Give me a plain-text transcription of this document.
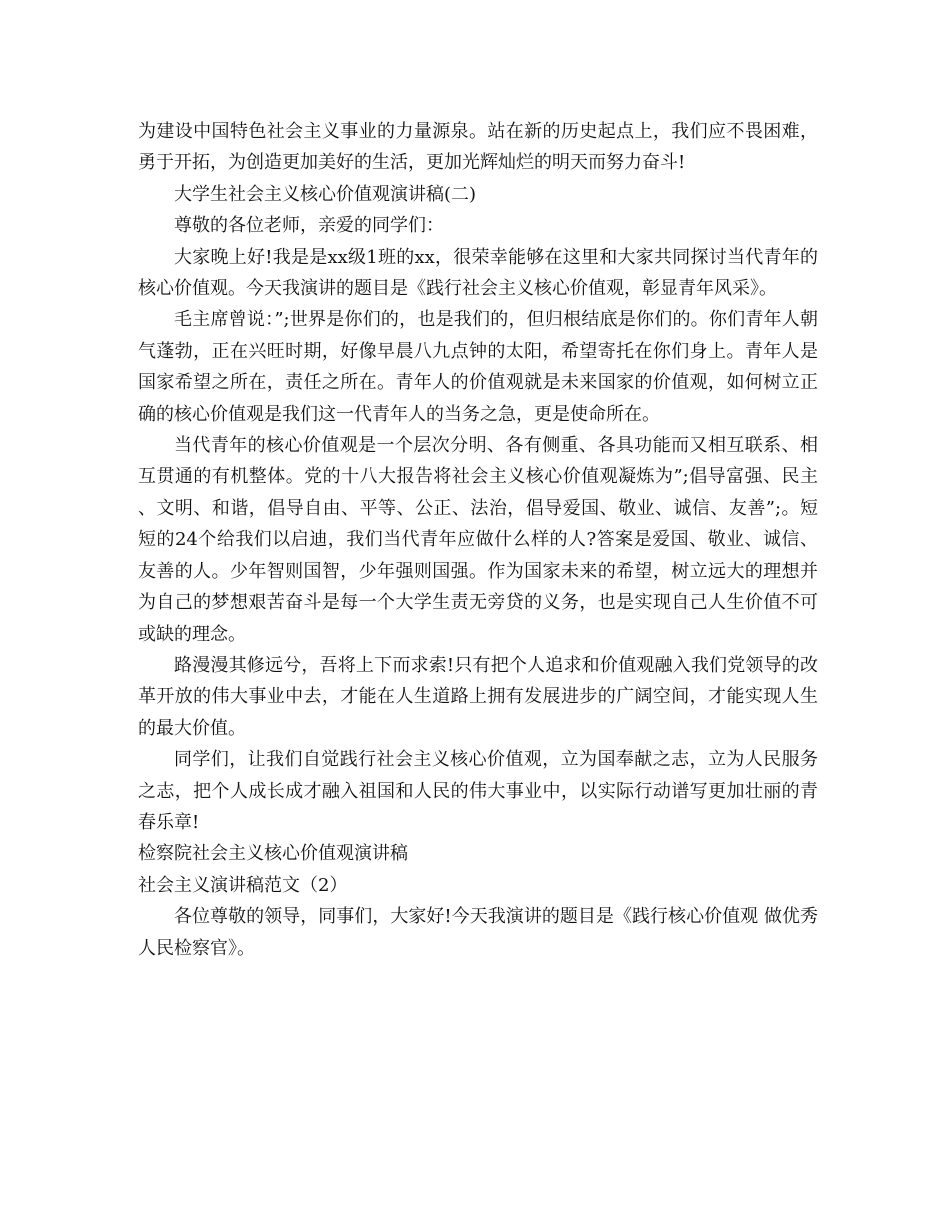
为建设中国特色社会主义事业的力量源泉。站在新的历史起点上，我们应不畏困难，勇于开拓，为创造更加美好的生活，更加光辉灿烂的明天而努力奋斗!

大学生社会主义核心价值观演讲稿(二)

尊敬的各位老师，亲爱的同学们：

大家晚上好!我是是xx级1班的xx，很荣幸能够在这里和大家共同探讨当代青年的核心价值观。今天我演讲的题目是《践行社会主义核心价值观，彰显青年风采》。

毛主席曾说：”;世界是你们的，也是我们的，但归根结底是你们的。你们青年人朝气蓬勃，正在兴旺时期，好像早晨八九点钟的太阳，希望寄托在你们身上。青年人是国家希望之所在，责任之所在。青年人的价值观就是未来国家的价值观，如何树立正确的核心价值观是我们这一代青年人的当务之急，更是使命所在。

当代青年的核心价值观是一个层次分明、各有侧重、各具功能而又相互联系、相互贯通的有机整体。党的十八大报告将社会主义核心价值观凝炼为”;倡导富强、民主、文明、和谐，倡导自由、平等、公正、法治，倡导爱国、敬业、诚信、友善”;。短短的24个给我们以启迪，我们当代青年应做什么样的人?答案是爱国、敬业、诚信、友善的人。少年智则国智，少年强则国强。作为国家未来的希望，树立远大的理想并为自己的梦想艰苦奋斗是每一个大学生责无旁贷的义务，也是实现自己人生价值不可或缺的理念。

路漫漫其修远兮，吾将上下而求索!只有把个人追求和价值观融入我们党领导的改革开放的伟大事业中去，才能在人生道路上拥有发展进步的广阔空间，才能实现人生的最大价值。

同学们，让我们自觉践行社会主义核心价值观，立为国奉献之志，立为人民服务之志，把个人成长成才融入祖国和人民的伟大事业中，以实际行动谱写更加壮丽的青春乐章!

检察院社会主义核心价值观演讲稿

社会主义演讲稿范文（2）

各位尊敬的领导，同事们，大家好!今天我演讲的题目是《践行核心价值观 做优秀人民检察官》。
